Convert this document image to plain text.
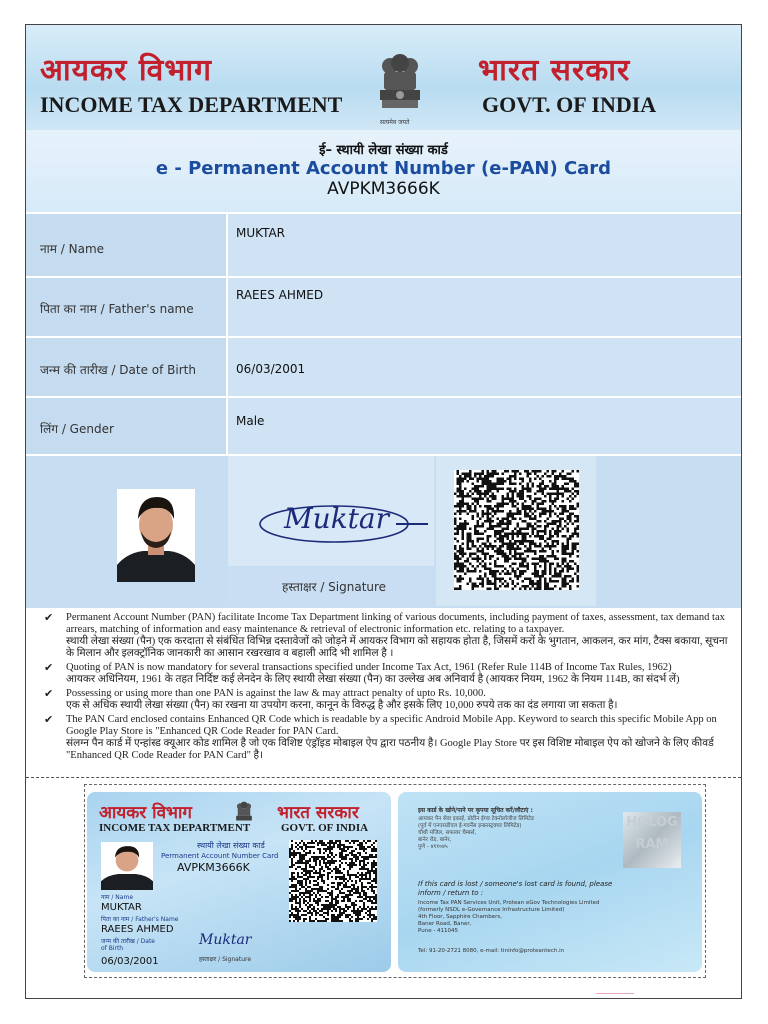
आयकर विभाग
INCOME TAX DEPARTMENT
भारत सरकार
GOVT. OF INDIA
सत्यमेव जयते
ई– स्थायी लेखा संख्या कार्ड
e - Permanent Account Number (e-PAN) Card
AVPKM3666K
नाम / Name
MUKTAR
पिता का नाम / Father's name
RAEES AHMED
जन्म की तारीख / Date of Birth	06/03/2001
लिंग / Gender
Male
Muktar
हस्ताक्षर / Signature
✔ Permanent Account Number (PAN) facilitate Income Tax Department linking of various documents, including payment of taxes, assessment, tax demand tax arrears, matching of information and easy maintenance & retrieval of electronic information etc. relating to a taxpayer.
स्थायी लेखा संख्या (पैन) एक करदाता से संबंधित विभिन्न दस्तावेजों को जोड़ने में आयकर विभाग को सहायक होता है, जिसमें करों के भुगतान, आकलन, कर मांग, टैक्स बकाया, सूचना के मिलान और इलक्ट्रॉनिक जानकारी का आसान रखरखाव व बहाली आदि भी शामिल है ।
✔ Quoting of PAN is now mandatory for several transactions specified under Income Tax Act, 1961 (Refer Rule 114B of Income Tax Rules, 1962)
आयकर अधिनियम, 1961 के तहत निर्दिष्ट कई लेनदेन के लिए स्थायी लेखा संख्या (पैन) का उल्लेख अब अनिवार्य है (आयकर नियम, 1962 के नियम 114B, का संदर्भ लें)
✔ Possessing or using more than one PAN is against the law & may attract penalty of upto Rs. 10,000.
एक से अधिक स्थायी लेखा संख्या (पैन) का रखना या उपयोग करना, कानून के विरुद्ध है और इसके लिए 10,000 रुपये तक का दंड लगाया जा सकता है।
✔ The PAN Card enclosed contains Enhanced QR Code which is readable by a specific Android Mobile App. Keyword to search this specific Mobile App on Google Play Store is "Enhanced QR Code Reader for PAN Card.
संलग्न पैन कार्ड में एन्हांस्ड क्यूआर कोड शामिल है जो एक विशिष्ट एंड्रॉइड मोबाइल ऐप द्वारा पठनीय है। Google Play Store पर इस विशिष्ट मोबाइल ऐप को खोजने के लिए कीवर्ड "Enhanced QR Code Reader for PAN Card" है।
आयकर विभाग
INCOME TAX DEPARTMENT
भारत सरकार
GOVT. OF INDIA
स्थायी लेखा संख्या कार्ड
Permanent Account Number Card
AVPKM3666K
नाम / Name
MUKTAR
पिता का नाम / Father's Name
RAEES AHMED
जन्म की तारीख / Date of Birth
06/03/2001
Muktar
हस्ताक्षर / Signature
इस कार्ड के खोने/पाने पर कृपया सूचित करें/लौटाएं :
आयकर पैन सेवा इकाई, प्रोटीन ईगव टेक्नोलॉजीज लिमिटेड
(पूर्व में एनएसडीएल ई-गवर्नेंस इन्फ्रास्ट्रक्चर लिमिटेड)
चौथी मंजिल, सफायर चैम्बर्स,
बानेर रोड, बानेर,
पुणे - ४११०४५
HOLOGRAM
If this card is lost / someone's lost card is found, please inform / return to :
Income Tax PAN Services Unit, Protean eGov Technologies Limited
(formerly NSDL e-Governance Infrastructure Limited)
4th Floor, Sapphire Chambers,
Baner Road, Baner,
Pune - 411045
Tel: 91-20-2721 8080, e-mail: tininfo@proteantech.in
